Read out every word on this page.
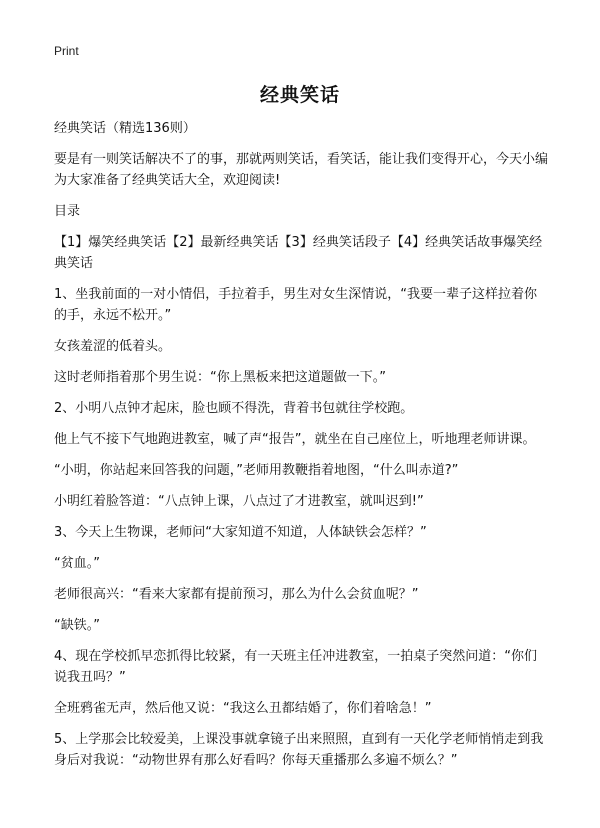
Print
经典笑话

经典笑话（精选136则）

要是有一则笑话解决不了的事，那就两则笑话，看笑话，能让我们变得开心，今天小编为大家准备了经典笑话大全，欢迎阅读!

目录

【1】爆笑经典笑话【2】最新经典笑话【3】经典笑话段子【4】经典笑话故事爆笑经典笑话

1、坐我前面的一对小情侣，手拉着手，男生对女生深情说，“我要一辈子这样拉着你的手，永远不松开。”

女孩羞涩的低着头。

这时老师指着那个男生说：“你上黑板来把这道题做一下。”

2、小明八点钟才起床，脸也顾不得洗，背着书包就往学校跑。

他上气不接下气地跑进教室，喊了声“报告”，就坐在自己座位上，听地理老师讲课。

“小明，你站起来回答我的问题，”老师用教鞭指着地图，“什么叫赤道?”

小明红着脸答道：“八点钟上课，八点过了才进教室，就叫迟到!”

3、今天上生物课，老师问“大家知道不知道，人体缺铁会怎样？”

“贫血。”

老师很高兴：“看来大家都有提前预习，那么为什么会贫血呢？”

“缺铁。”

4、现在学校抓早恋抓得比较紧，有一天班主任冲进教室，一拍桌子突然问道：“你们说我丑吗？”

全班鸦雀无声，然后他又说：“我这么丑都结婚了，你们着啥急！”

5、上学那会比较爱美，上课没事就拿镜子出来照照，直到有一天化学老师悄悄走到我身后对我说：“动物世界有那么好看吗？你每天重播那么多遍不烦么？”
